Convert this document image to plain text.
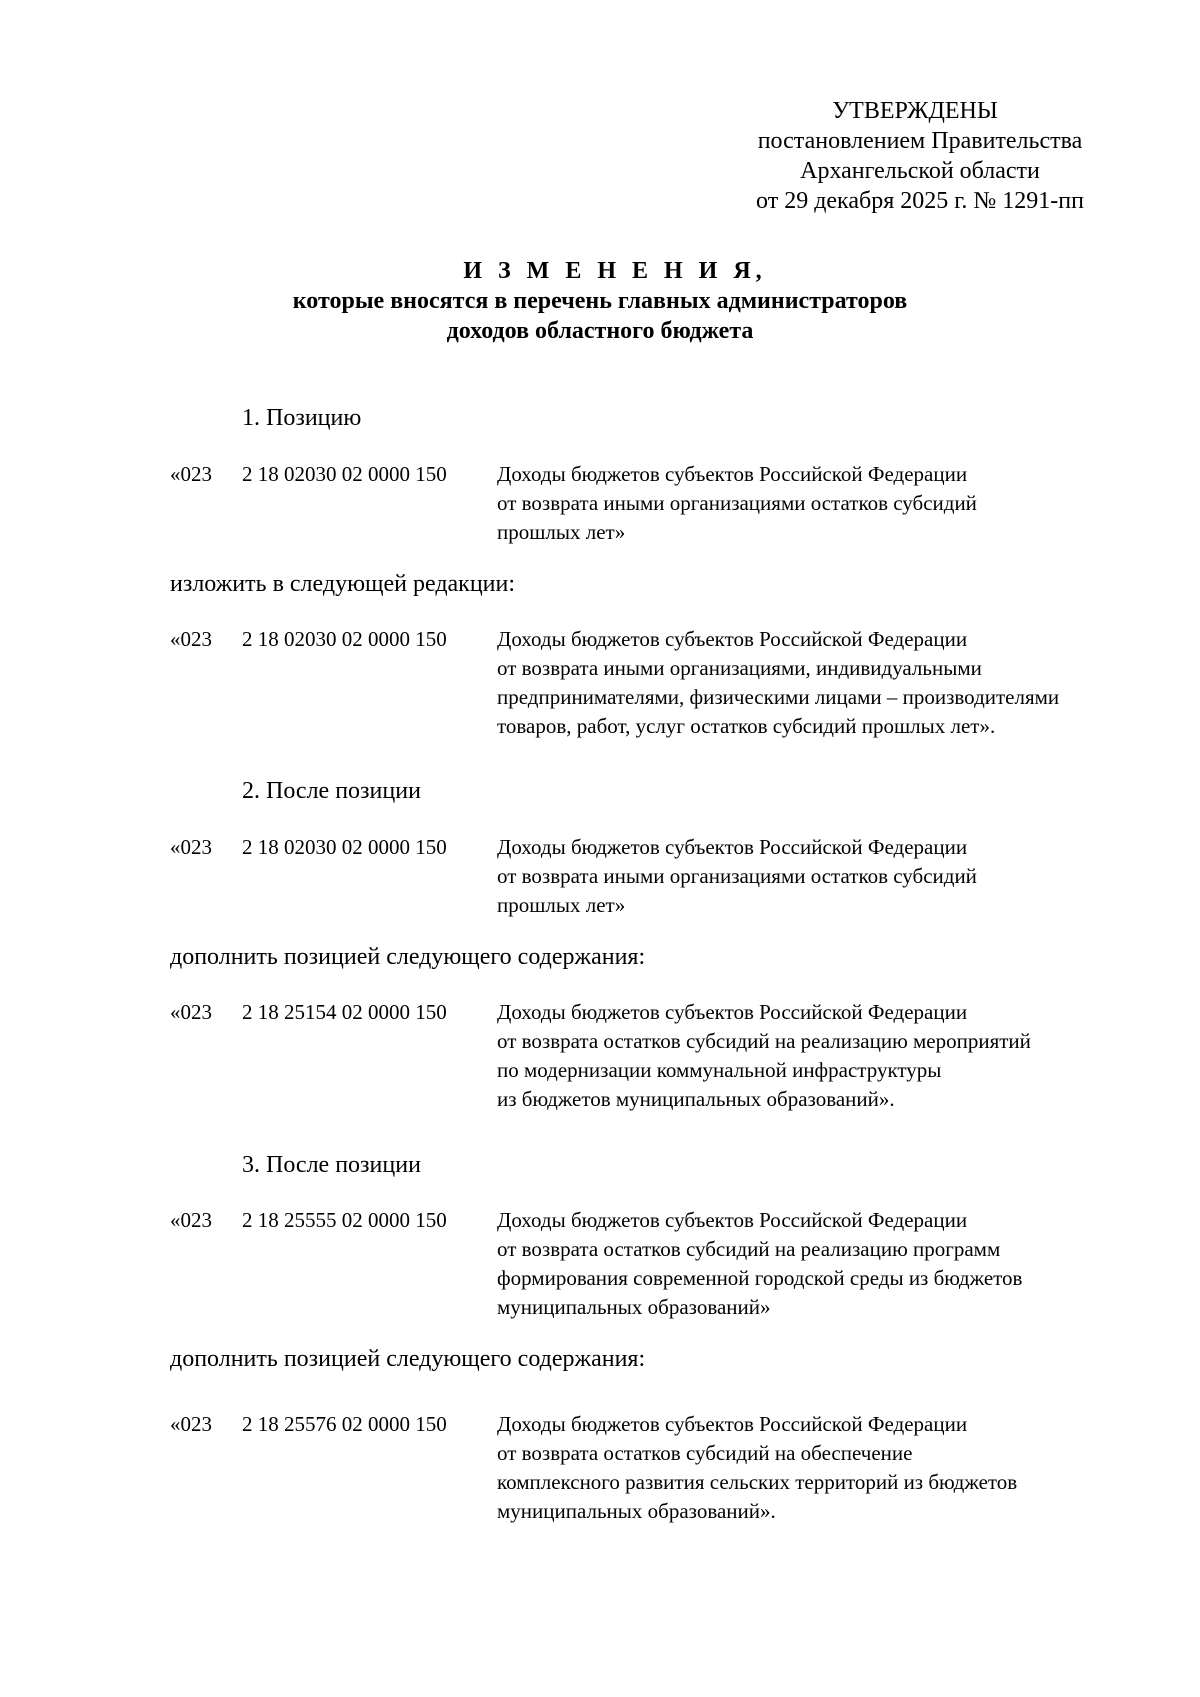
УТВЕРЖДЕНЫ
постановлением Правительства
Архангельской области
от 29 декабря 2025 г. № 1291-пп
И З М Е Н Е Н И Я,
которые вносятся в перечень главных администраторов
доходов областного бюджета
1. Позицию
«023 2 18 02030 02 0000 150 Доходы бюджетов субъектов Российской Федерации
от возврата иными организациями остатков субсидий
прошлых лет»
изложить в следующей редакции:
«023 2 18 02030 02 0000 150 Доходы бюджетов субъектов Российской Федерации
от возврата иными организациями, индивидуальными
предпринимателями, физическими лицами – производителями
товаров, работ, услуг остатков субсидий прошлых лет».
2. После позиции
«023 2 18 02030 02 0000 150 Доходы бюджетов субъектов Российской Федерации
от возврата иными организациями остатков субсидий
прошлых лет»
дополнить позицией следующего содержания:
«023 2 18 25154 02 0000 150 Доходы бюджетов субъектов Российской Федерации
от возврата остатков субсидий на реализацию мероприятий
по модернизации коммунальной инфраструктуры
из бюджетов муниципальных образований».
3. После позиции
«023 2 18 25555 02 0000 150 Доходы бюджетов субъектов Российской Федерации
от возврата остатков субсидий на реализацию программ
формирования современной городской среды из бюджетов
муниципальных образований»
дополнить позицией следующего содержания:
«023 2 18 25576 02 0000 150 Доходы бюджетов субъектов Российской Федерации
от возврата остатков субсидий на обеспечение
комплексного развития сельских территорий из бюджетов
муниципальных образований».
